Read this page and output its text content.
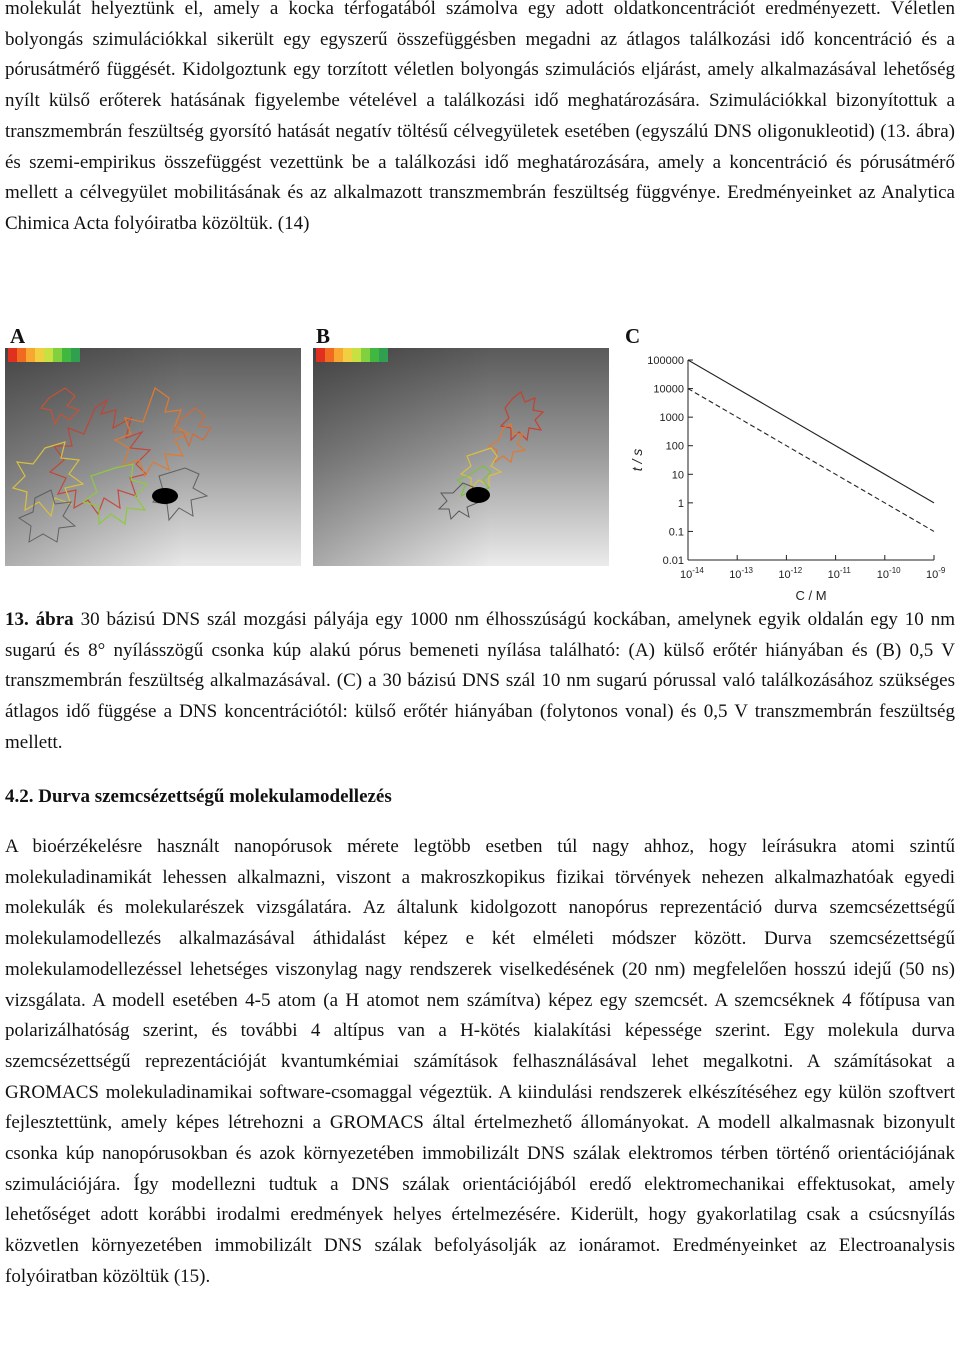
molekulát helyeztünk el, amely a kocka térfogatából számolva egy adott oldatkoncentrációt eredményezett. Véletlen bolyongás szimulációkkal sikerült egy egyszerű összefüggésben megadni az átlagos találkozási idő koncentráció és a pórusátmérő függését. Kidolgoztunk egy torzított véletlen bolyongás szimulációs eljárást, amely alkalmazásával lehetőség nyílt külső erőterek hatásának figyelembe vételével a találkozási idő meghatározására. Szimulációkkal bizonyítottuk a transzmembrán feszültség gyorsító hatását negatív töltésű célvegyületek esetében (egyszálú DNS oligonukleotid) (13. ábra) és szemi-empirikus összefüggést vezettünk be a találkozási idő meghatározására, amely a koncentráció és pórusátmérő mellett a célvegyület mobilitásának és az alkalmazott transzmembrán feszültség függvénye. Eredményeinket az Analytica Chimica Acta folyóiratba közöltük. (14)

A	B	C
100000
10000
1000
100
10
1
0.1
0.01
$10^{-14}$ $10^{-13}$ $10^{-12}$ $10^{-11}$ $10^{-10}$ $10^{-9}$
t / s
C / M

13. ábra 30 bázisú DNS szál mozgási pályája egy 1000 nm élhosszúságú kockában, amelynek egyik oldalán egy 10 nm sugarú és 8° nyílásszögű csonka kúp alakú pórus bemeneti nyílása található: (A) külső erőtér hiányában és (B) 0,5 V transzmembrán feszültség alkalmazásával. (C) a 30 bázisú DNS szál 10 nm sugarú pórussal való találkozásához szükséges átlagos idő függése a DNS koncentrációtól: külső erőtér hiányában (folytonos vonal) és 0,5 V transzmembrán feszültség mellett.

4.2. Durva szemcsézettségű molekulamodellezés

A bioérzékelésre használt nanopórusok mérete legtöbb esetben túl nagy ahhoz, hogy leírásukra atomi szintű molekuladinamikát lehessen alkalmazni, viszont a makroszkopikus fizikai törvények nehezen alkalmazhatóak egyedi molekulák és molekularészek vizsgálatára. Az általunk kidolgozott nanopórus reprezentáció durva szemcsézettségű molekulamodellezés alkalmazásával áthidalást képez e két elméleti módszer között. Durva szemcsézettségű molekulamodellezéssel lehetséges viszonylag nagy rendszerek viselkedésének (20 nm) megfelelően hosszú idejű (50 ns) vizsgálata. A modell esetében 4-5 atom (a H atomot nem számítva) képez egy szemcsét. A szemcséknek 4 főtípusa van polarizálhatóság szerint, és további 4 altípus van a H-kötés kialakítási képessége szerint. Egy molekula durva szemcsézettségű reprezentációját kvantumkémiai számítások felhasználásával lehet megalkotni. A számításokat a GROMACS molekuladinamikai software-csomaggal végeztük. A kiindulási rendszerek elkészítéséhez egy külön szoftvert fejlesztettünk, amely képes létrehozni a GROMACS által értelmezhető állományokat. A modell alkalmasnak bizonyult csonka kúp nanopórusokban és azok környezetében immobilizált DNS szálak elektromos térben történő orientációjának szimulációjára. Így modellezni tudtuk a DNS szálak orientációjából eredő elektromechanikai effektusokat, amely lehetőséget adott korábbi irodalmi eredmények helyes értelmezésére. Kiderült, hogy gyakorlatilag csak a csúcsnyílás közvetlen környezetében immobilizált DNS szálak befolyásolják az ionáramot. Eredményeinket az Electroanalysis folyóiratban közöltük (15).
